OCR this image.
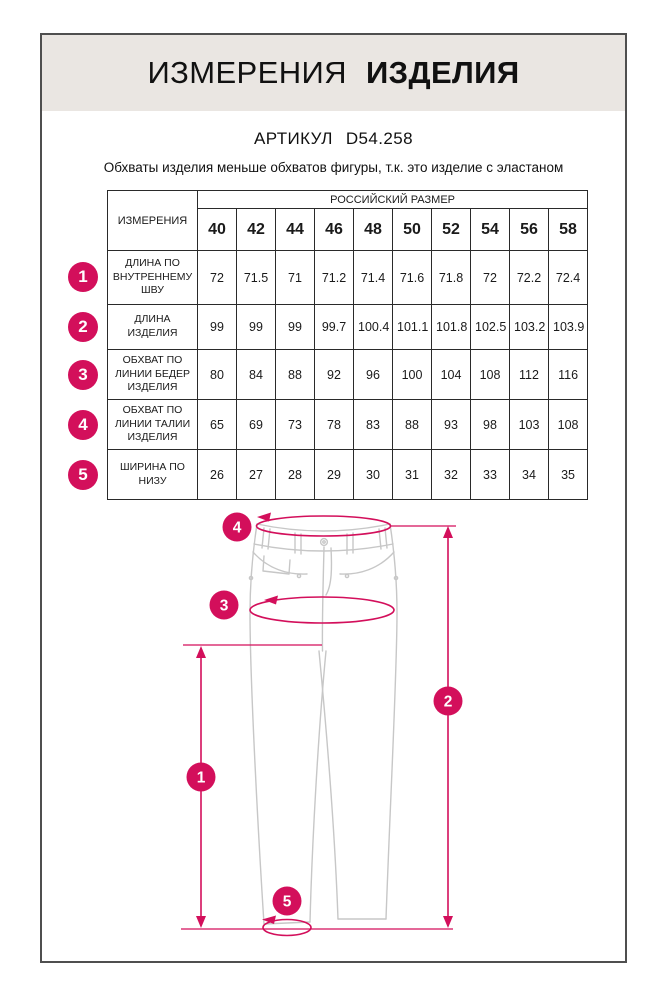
ИЗМЕРЕНИЯ ИЗДЕЛИЯ
АРТИКУЛ D54.258
Обхваты изделия меньше обхватов фигуры, т.к. это изделие с эластаном
1
2
3
4
5
ИЗМЕРЕНИЯ	РОССИЙСКИЙ РАЗМЕР									
	40	42	44	46	48	50	52	54	56	58
ДЛИНА ПО ВНУТРЕННЕМУ ШВУ	72	71.5	71	71.2	71.4	71.6	71.8	72	72.2	72.4
ДЛИНА ИЗДЕЛИЯ	99	99	99	99.7	100.4	101.1	101.8	102.5	103.2	103.9
ОБХВАТ ПО ЛИНИИ БЕДЕР ИЗДЕЛИЯ	80	84	88	92	96	100	104	108	112	116
ОБХВАТ ПО ЛИНИИ ТАЛИИ ИЗДЕЛИЯ	65	69	73	78	83	88	93	98	103	108
ШИРИНА ПО НИЗУ	26	27	28	29	30	31	32	33	34	35
4
3
2
1
5
